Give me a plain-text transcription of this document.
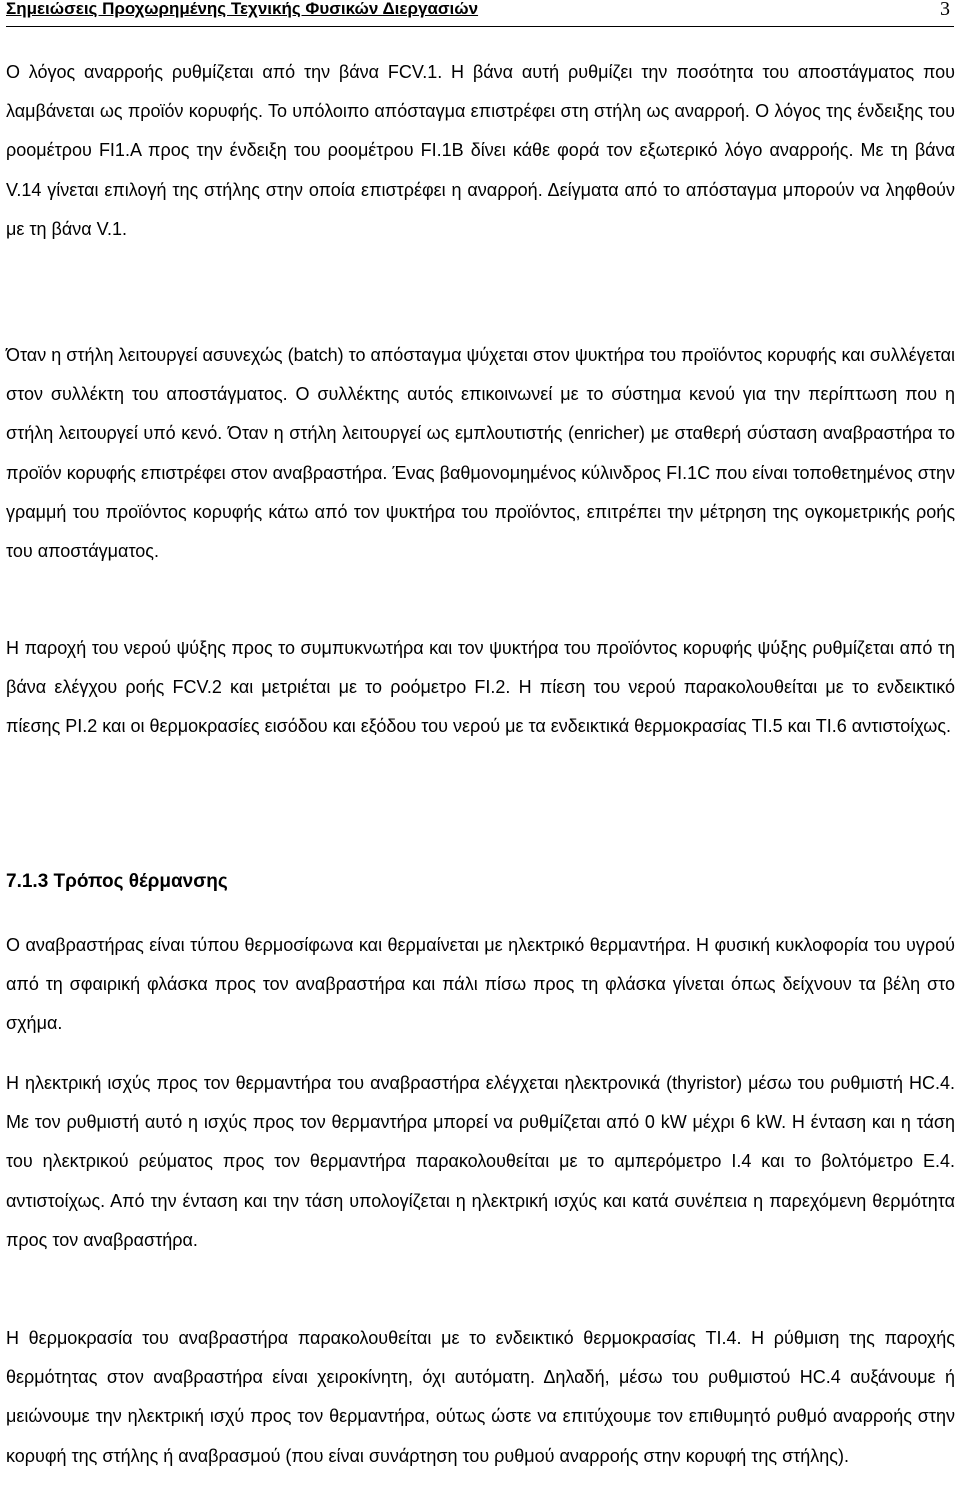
Σημειώσεις Προχωρημένης Τεχνικής Φυσικών Διεργασιών	3

Ο λόγος αναρροής ρυθμίζεται από την βάνα FCV.1. Η βάνα αυτή ρυθμίζει την ποσότητα του αποστάγματος που λαμβάνεται ως προϊόν κορυφής. Το υπόλοιπο απόσταγμα επιστρέφει στη στήλη ως αναρροή. Ο λόγος της ένδειξης του ροομέτρου FI1.A προς την ένδειξη του ροομέτρου FI.1B δίνει κάθε φορά τον εξωτερικό λόγο αναρροής. Με τη βάνα V.14 γίνεται επιλογή της στήλης στην οποία επιστρέφει η αναρροή. Δείγματα από το απόσταγμα μπορούν να ληφθούν με τη βάνα V.1.

Όταν η στήλη λειτουργεί ασυνεχώς (batch) το απόσταγμα ψύχεται στον ψυκτήρα του προϊόντος κορυφής και συλλέγεται στον συλλέκτη του αποστάγματος. Ο συλλέκτης αυτός επικοινωνεί με το σύστημα κενού για την περίπτωση που η στήλη λειτουργεί υπό κενό. Όταν η στήλη λειτουργεί ως εμπλουτιστής (enricher) με σταθερή σύσταση αναβραστήρα το προϊόν κορυφής επιστρέφει στον αναβραστήρα. Ένας βαθμονομημένος κύλινδρος FI.1C που είναι τοποθετημένος στην γραμμή του προϊόντος κορυφής κάτω από τον ψυκτήρα του προϊόντος, επιτρέπει την μέτρηση της ογκομετρικής ροής του αποστάγματος.

Η παροχή του νερού ψύξης προς το συμπυκνωτήρα και τον ψυκτήρα του προϊόντος κορυφής ψύξης ρυθμίζεται από τη βάνα ελέγχου ροής FCV.2 και μετριέται με το ροόμετρο FI.2. Η πίεση του νερού παρακολουθείται με το ενδεικτικό πίεσης PI.2 και οι θερμοκρασίες εισόδου και εξόδου του νερού με τα ενδεικτικά θερμοκρασίας TI.5 και TI.6 αντιστοίχως.

7.1.3 Τρόπος θέρμανσης

Ο αναβραστήρας είναι τύπου θερμοσίφωνα και θερμαίνεται με ηλεκτρικό θερμαντήρα. Η φυσική κυκλοφορία του υγρού από τη σφαιρική φλάσκα προς τον αναβραστήρα και πάλι πίσω προς τη φλάσκα γίνεται όπως δείχνουν τα βέλη στο σχήμα.

Η ηλεκτρική ισχύς προς τον θερμαντήρα του αναβραστήρα ελέγχεται ηλεκτρονικά (thyristor) μέσω του ρυθμιστή HC.4. Με τον ρυθμιστή αυτό η ισχύς προς τον θερμαντήρα μπορεί να ρυθμίζεται από 0 kW μέχρι 6 kW. Η ένταση και η τάση του ηλεκτρικού ρεύματος προς τον θερμαντήρα παρακολουθείται με το αμπερόμετρο I.4 και το βολτόμετρο E.4. αντιστοίχως. Από την ένταση και την τάση υπολογίζεται η ηλεκτρική ισχύς και κατά συνέπεια η παρεχόμενη θερμότητα προς τον αναβραστήρα.

Η θερμοκρασία του αναβραστήρα παρακολουθείται με το ενδεικτικό θερμοκρασίας TI.4. Η ρύθμιση της παροχής θερμότητας στον αναβραστήρα είναι χειροκίνητη, όχι αυτόματη. Δηλαδή, μέσω του ρυθμιστού HC.4 αυξάνουμε ή μειώνουμε την ηλεκτρική ισχύ προς τον θερμαντήρα, ούτως ώστε να επιτύχουμε τον επιθυμητό ρυθμό αναρροής στην κορυφή της στήλης ή αναβρασμού (που είναι συνάρτηση του ρυθμού αναρροής στην κορυφή της στήλης).
